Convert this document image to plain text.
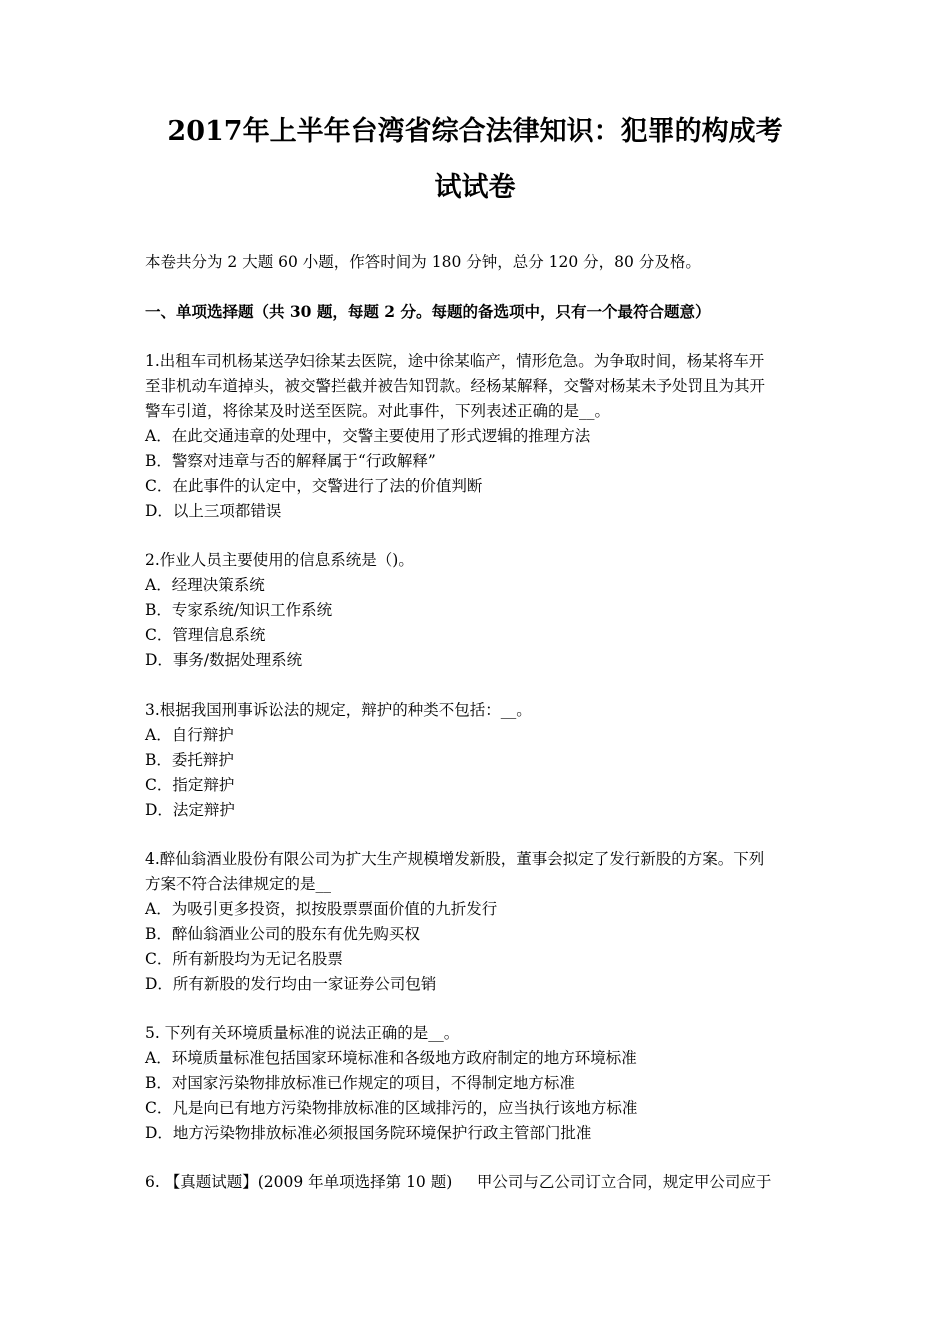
2017年上半年台湾省综合法律知识：犯罪的构成考
试试卷
本卷共分为 2 大题 60 小题，作答时间为 180 分钟，总分 120 分，80 分及格。
一、单项选择题（共 30 题，每题 2 分。每题的备选项中，只有一个最符合题意）
1.出租车司机杨某送孕妇徐某去医院，途中徐某临产，情形危急。为争取时间，杨某将车开
至非机动车道掉头，被交警拦截并被告知罚款。经杨某解释，交警对杨某未予处罚且为其开
警车引道，将徐某及时送至医院。对此事件，下列表述正确的是__。
A．在此交通违章的处理中，交警主要使用了形式逻辑的推理方法
B．警察对违章与否的解释属于“行政解释”
C．在此事件的认定中，交警进行了法的价值判断
D．以上三项都错误
2.作业人员主要使用的信息系统是（)。
A．经理决策系统
B．专家系统/知识工作系统
C．管理信息系统
D．事务/数据处理系统
3.根据我国刑事诉讼法的规定，辩护的种类不包括：__。
A．自行辩护
B．委托辩护
C．指定辩护
D．法定辩护
4.醉仙翁酒业股份有限公司为扩大生产规模增发新股，董事会拟定了发行新股的方案。下列
方案不符合法律规定的是__
A．为吸引更多投资，拟按股票票面价值的九折发行
B．醉仙翁酒业公司的股东有优先购买权
C．所有新股均为无记名股票
D．所有新股的发行均由一家证券公司包销
5. 下列有关环境质量标准的说法正确的是__。
A．环境质量标准包括国家环境标准和各级地方政府制定的地方环境标准
B．对国家污染物排放标准已作规定的项目，不得制定地方标准
C．凡是向已有地方污染物排放标准的区域排污的，应当执行该地方标准
D．地方污染物排放标准必须报国务院环境保护行政主管部门批准
6. 【真题试题】(2009 年单项选择第 10 题)     甲公司与乙公司订立合同，规定甲公司应于
